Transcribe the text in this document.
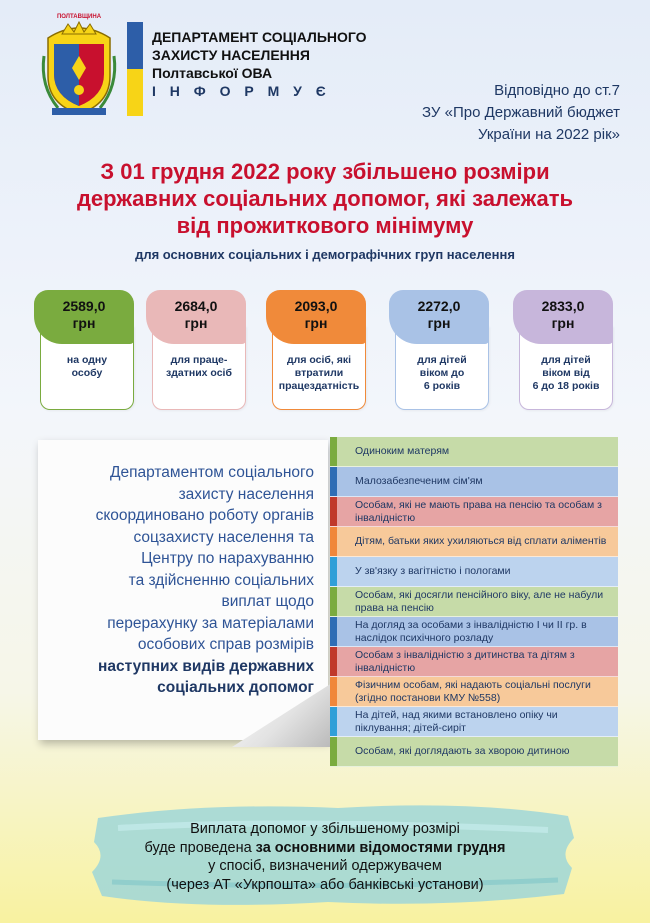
ПОЛТАВЩИНА
ДЕПАРТАМЕНТ СОЦІАЛЬНОГО
ЗАХИСТУ НАСЕЛЕННЯ
Полтавської ОВА
І Н Ф О Р М У Є	Відповідно до ст.7
ЗУ «Про Державний бюджет
України на 2022 рік»
З 01 грудня 2022 року збільшено розміри
державних соціальних допомог, які залежать
від прожиткового мінімуму
для основних соціальних і демографічних груп населення
2589,0
грн
на одну
особу
2684,0
грн
для праце-
здатних осіб
2093,0
грн
для осіб, які
втратили
працездатність
2272,0
грн
для дітей
віком до
6 років
2833,0
грн
для дітей
віком від
6 до 18 років
Департаментом соціального
захисту населення
скоординовано роботу органів
соцзахисту населення та
Центру по нарахуванню
та здійсненню соціальних
виплат щодо
перерахунку за матеріалами
особових справ розмірів
наступних видів державних
соціальних допомог
Одиноким матерям
Малозабезпеченим сім'ям
Особам, які не мають права на пенсію та особам з інвалідністю
Дітям, батьки яких ухиляються від сплати аліментів
У зв'язку з вагітністю і пологами
Особам, які досягли пенсійного віку, але не набули права на пенсію
На догляд за особами з інвалідністю І чи ІІ гр. в наслідок психічного розладу
Особам з інвалідністю з дитинства та дітям з інвалідністю
Фізичним особам, які надають соціальні послуги (згідно постанови КМУ №558)
На дітей, над якими встановлено опіку чи піклування; дітей-сиріт
Особам, які доглядають за хворою дитиною
Виплата допомог у збільшеному розмірі
буде проведена за основними відомостями грудня
у спосіб, визначений одержувачем
(через АТ «Укрпошта» або банківські установи)
